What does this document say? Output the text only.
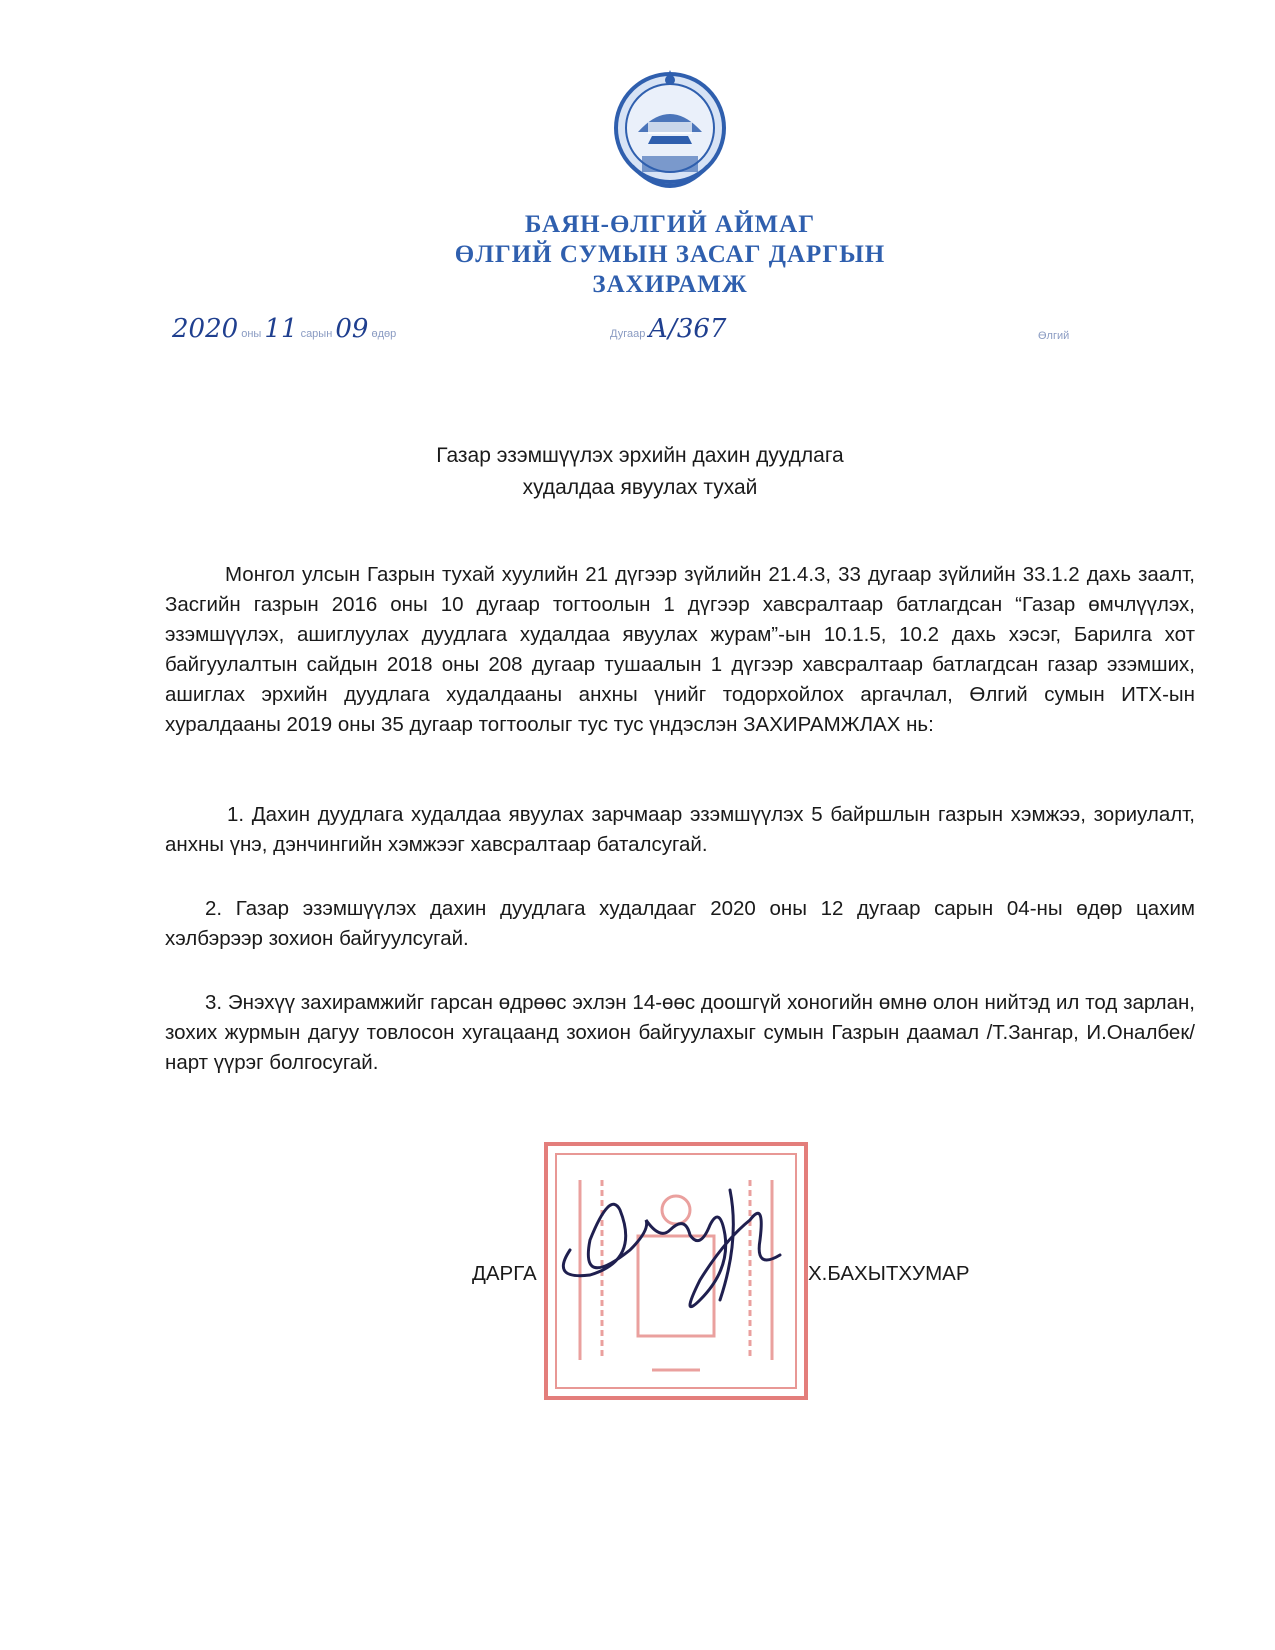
БАЯН-ӨЛГИЙ АЙМАГ
ӨЛГИЙ СУМЫН ЗАСАГ ДАРГЫН
ЗАХИРАМЖ
2020 оны 11 сарын 09 өдөр	Дугаар А/367	Өлгий
Газар эзэмшүүлэх эрхийн дахин дуудлага
худалдаа явуулах тухай
Монгол улсын Газрын тухай хуулийн 21 дүгээр зүйлийн 21.4.3, 33 дугаар зүйлийн 33.1.2 дахь заалт, Засгийн газрын 2016 оны 10 дугаар тогтоолын 1 дүгээр хавсралтаар батлагдсан “Газар өмчлүүлэх, эзэмшүүлэх, ашиглуулах дуудлага худалдаа явуулах журам”-ын 10.1.5, 10.2 дахь хэсэг, Барилга хот байгуулалтын сайдын 2018 оны 208 дугаар тушаалын 1 дүгээр хавсралтаар батлагдсан газар эзэмших, ашиглах эрхийн дуудлага худалдааны анхны үнийг тодорхойлох аргачлал, Өлгий сумын ИТХ-ын хуралдааны 2019 оны 35 дугаар тогтоолыг тус тус үндэслэн ЗАХИРАМЖЛАХ нь:
1. Дахин дуудлага худалдаа явуулах зарчмаар эзэмшүүлэх 5 байршлын газрын хэмжээ, зориулалт, анхны үнэ, дэнчингийн хэмжээг хавсралтаар баталсугай.
2. Газар эзэмшүүлэх дахин дуудлага худалдааг 2020 оны 12 дугаар сарын 04-ны өдөр цахим хэлбэрээр зохион байгуулсугай.
3. Энэхүү захирамжийг гарсан өдрөөс эхлэн 14-өөс доошгүй хоногийн өмнө олон нийтэд ил тод зарлан, зохих журмын дагуу товлосон хугацаанд зохион байгуулахыг сумын Газрын даамал /Т.Зангар, И.Оналбек/ нарт үүрэг болгосугай.
ДАРГА	Х.БАХЫТХУМАР
